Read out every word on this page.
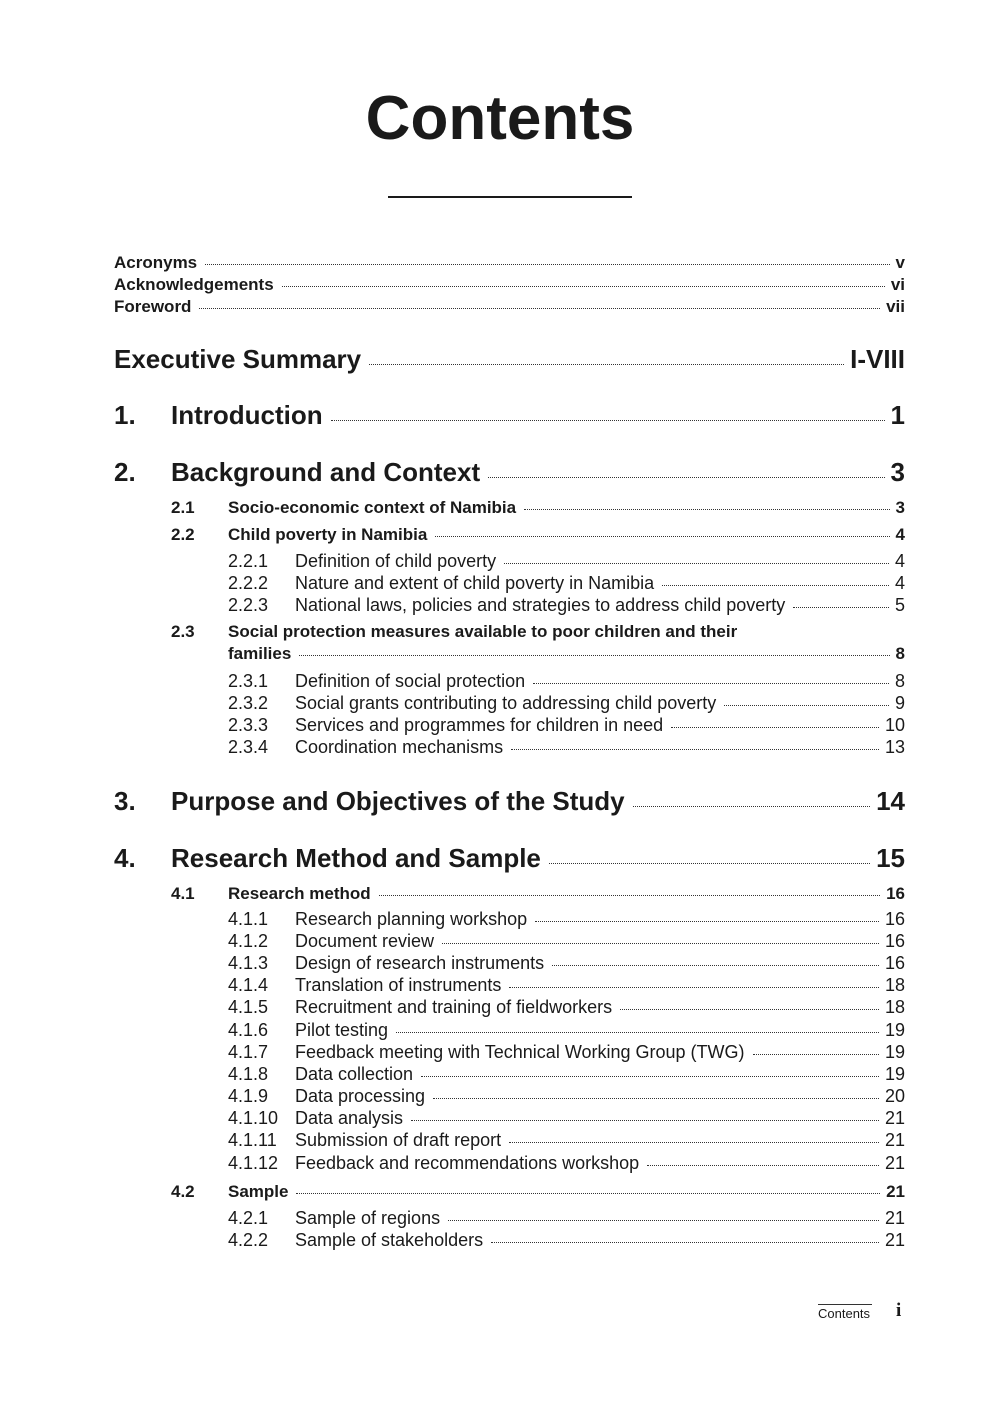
Contents
Acronyms	v
Acknowledgements	vi
Foreword	vii
Executive Summary	I-VIII
1.	Introduction	1
2.	Background and Context	3
2.1	Socio-economic context of Namibia	3
2.2	Child poverty in Namibia	4
2.2.1	Definition of child poverty	4
2.2.2	Nature and extent of child poverty in Namibia	4
2.2.3	National laws, policies and strategies to address child poverty	5
2.3	Social protection measures available to poor children and their
families	8
2.3.1	Definition of social protection	8
2.3.2	Social grants contributing to addressing child poverty	9
2.3.3	Services and programmes for children in need	10
2.3.4	Coordination mechanisms	13
3.	Purpose and Objectives of the Study	14
4.	Research Method and Sample	15
4.1	Research method	16
4.1.1	Research planning workshop	16
4.1.2	Document review	16
4.1.3	Design of research instruments	16
4.1.4	Translation of instruments	18
4.1.5	Recruitment and training of fieldworkers	18
4.1.6	Pilot testing	19
4.1.7	Feedback meeting with Technical Working Group (TWG)	19
4.1.8	Data collection	19
4.1.9	Data processing	20
4.1.10 Data analysis	21
4.1.11	Submission of draft report	21
4.1.12 Feedback and recommendations workshop	21
4.2	Sample	21
4.2.1	Sample of regions	21
4.2.2	Sample of stakeholders	21
Contents i
